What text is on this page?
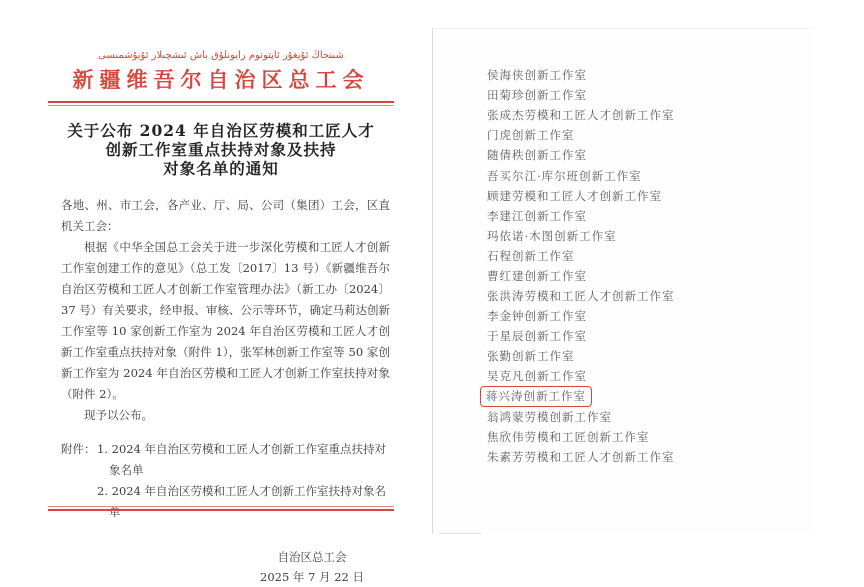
شىنجاڭ ئۇيغۇر ئاپتونوم رايونلۇق باش ئىشچىلار ئۇيۇشمىسى
新疆维吾尔自治区总工会
关于公布 2024 年自治区劳模和工匠人才
创新工作室重点扶持对象及扶持
对象名单的通知

各地、州、市工会，各产业、厅、局、公司（集团）工会，区直机关工会：

根据《中华全国总工会关于进一步深化劳模和工匠人才创新工作室创建工作的意见》（总工发〔2017〕13 号）《新疆维吾尔自治区劳模和工匠人才创新工作室管理办法》（新工办〔2024〕37 号）有关要求，经申报、审核、公示等环节，确定马莉达创新工作室等 10 家创新工作室为 2024 年自治区劳模和工匠人才创新工作室重点扶持对象（附件 1），张军林创新工作室等 50 家创新工作室为 2024 年自治区劳模和工匠人才创新工作室扶持对象（附件 2）。

现予以公布。

附件： 1. 2024 年自治区劳模和工匠人才创新工作室重点扶持对象名单
2. 2024 年自治区劳模和工匠人才创新工作室扶持对象名单
自治区总工会
2025 年 7 月 22 日
侯海侠创新工作室
田菊珍创新工作室
张成杰劳模和工匠人才创新工作室
门虎创新工作室
随倩秩创新工作室
吾买尔江·库尔班创新工作室
顾建劳模和工匠人才创新工作室
李建江创新工作室
玛依诺·木图创新工作室
石程创新工作室
曹红建创新工作室
张洪涛劳模和工匠人才创新工作室
李金钟创新工作室
于星辰创新工作室
张勤创新工作室
吴克凡创新工作室
蒋兴涛创新工作室
翁鸿蒙劳模创新工作室
焦欣伟劳模和工匠创新工作室
朱素芳劳模和工匠人才创新工作室
